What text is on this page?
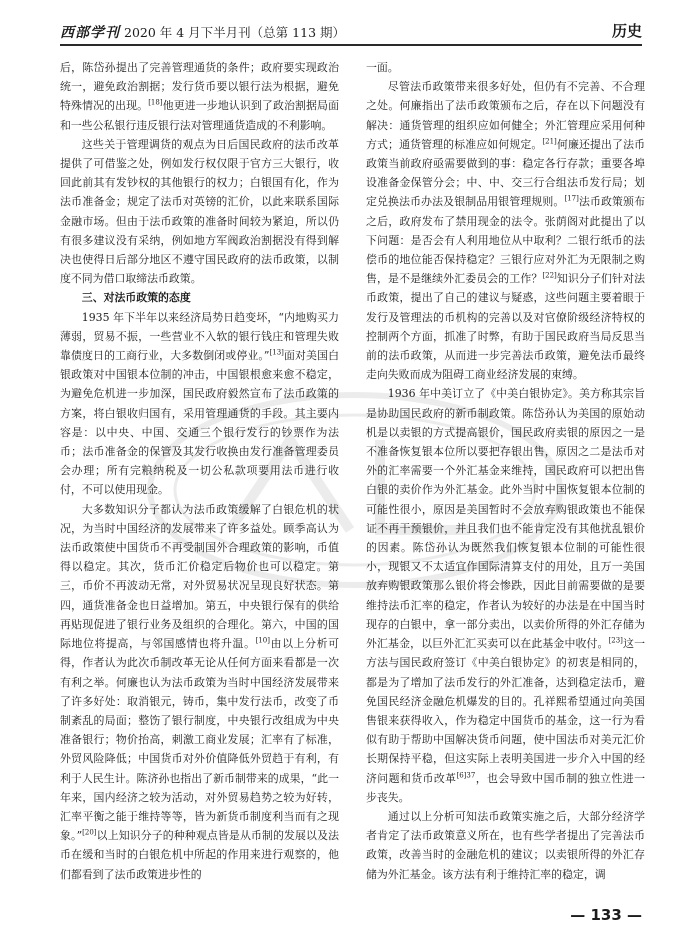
西部学刊 2020 年 4 月下半月刊（总第 113 期）	历史

后，陈岱孙提出了完善管理通货的条件；政府要实现政治统一，避免政治割据；发行货币要以银行法为根据，避免特殊情况的出现。[18]他更进一步地认识到了政治割据局面和一些公私银行违反银行法对管理通货造成的不利影响。

这些关于管理调货的观点为日后国民政府的法币改革提供了可借鉴之处，例如发行权仅限于官方三大银行，收回此前其有发钞权的其他银行的权力；白银国有化，作为法币准备金；规定了法币对英镑的汇价，以此来联系国际金融市场。但由于法币政策的准备时间较为紧迫，所以仍有很多建议没有采纳，例如地方军阀政治割据没有得到解决也使得日后部分地区不遵守国民政府的法币政策，以制度不同为借口取缔法币政策。

三、对法币政策的态度

1935 年下半年以来经济局势日趋变坏，“内地购买力薄弱，贸易不振，一些营业不入软的银行钱庄和管理失败靠债度日的工商行业，大多数倒闭或停业。”[13]面对美国白银政策对中国银本位制的冲击，中国银根愈来愈不稳定，为避免危机进一步加深，国民政府毅然宣布了法币政策的方案，将白银收归国有，采用管理通货的手段。其主要内容是：以中央、中国、交通三个银行发行的钞票作为法币；法币准备金的保管及其发行收换由发行准备管理委员会办理；所有完粮纳税及一切公私款项要用法币进行收付，不可以使用现金。

大多数知识分子都认为法币政策缓解了白银危机的状况，为当时中国经济的发展带来了许多益处。顾季高认为法币政策使中国货币不再受制国外合理政策的影响，币值得以稳定。其次，货币汇价稳定后物价也可以稳定。第三，币价不再波动无常，对外贸易状况呈现良好状态。第四，通货准备金也日益增加。第五，中央银行保有的供给再贴现促进了银行业务及组织的合理化。第六，中国的国际地位将提高，与邻国感情也将升温。[10]由以上分析可得，作者认为此次币制改革无论从任何方面来看都是一次有利之举。何廉也认为法币政策为当时中国经济发展带来了许多好处：取消银元，铸币，集中发行法币，改变了币制紊乱的局面；整饬了银行制度，中央银行改组成为中央准备银行；物价抬高，刺激工商业发展；汇率有了标准，外贸风险降低；中国货币对外价值降低外贸趋于有利，有利于人民生计。陈济孙也指出了新币制带来的成果，“此一年来，国内经济之较为活动，对外贸易趋势之较为好转，汇率平衡之能于维持等等，皆为新货币制度利当而有之现象。”[20]以上知识分子的种种观点皆是从币制的发展以及法币在缓和当时的白银危机中所起的作用来进行观察的，他们都看到了法币政策进步性的

一面。

尽管法币政策带来很多好处，但仍有不完善、不合理之处。何廉指出了法币政策颁布之后，存在以下问题没有解决：通货管理的组织应如何健全；外汇管理应采用何种方式；通货管理的标准应如何规定。[21]何廉还提出了法币政策当前政府亟需要做到的事：稳定各行存款；重要各埠设准备金保管分会；中、中、交三行合组法币发行局；划定兑换法币办法及银制品用银管理规则。[17]法币政策颁布之后，政府发布了禁用现金的法令。张荫阁对此提出了以下问题：是否会有人利用地位从中取利？二银行纸币的法偿币的地位能否保持稳定？三银行应对外汇为无限制之购售，是不是继续外汇委员会的工作？[22]知识分子们针对法币政策，提出了自己的建议与疑惑，这些问题主要着眼于发行及管理法的币机构的完善以及对官僚阶级经济特权的控制两个方面，抓准了时弊，有助于国民政府当局反思当前的法币政策，从而进一步完善法币政策，避免法币最终走向失败而成为阻碍工商业经济发展的束缚。

1936 年中美订立了《中美白银协定》。美方称其宗旨是协助国民政府的新币制政策。陈岱孙认为美国的原始动机是以卖银的方式提高银价，国民政府卖银的原因之一是不准备恢复银本位所以要把存银出售，原因之二是法币对外的汇率需要一个外汇基金来维持，国民政府可以把出售白银的卖价作为外汇基金。此外当时中国恢复银本位制的可能性很小，原因是美国暂时不会放弃购银政策也不能保证不再干预银价，并且我们也不能肯定没有其他扰乱银价的因素。陈岱孙认为既然我们恢复银本位制的可能性很小，现银又不太适宜作国际清算支付的用处，且万一美国放弃购银政策那么银价将会惨跌，因此目前需要做的是要维持法币汇率的稳定，作者认为较好的办法是在中国当时现存的白银中，拿一部分卖出，以卖价所得的外汇存储为外汇基金，以巨外汇汇买卖可以在此基金中收付。[23]这一方法与国民政府签订《中美白银协定》的初衷是相同的，都是为了增加了法币发行的外汇准备，达到稳定法币，避免国民经济金融危机爆发的目的。孔祥熙希望通过向美国售银来获得收入，作为稳定中国货币的基金，这一行为看似有助于帮助中国解决货币问题，使中国法币对美元汇价长期保持平稳，但这实际上表明美国进一步介入中国的经济问题和货币改革$^{[6]37}$，也会导致中国币制的独立性进一步丧失。

通过以上分析可知法币政策实施之后，大部分经济学者肯定了法币政策意义所在，也有些学者提出了完善法币政策，改善当时的金融危机的建议；以卖银所得的外汇存储为外汇基金。该方法有利于维持汇率的稳定，调

— 133 —
